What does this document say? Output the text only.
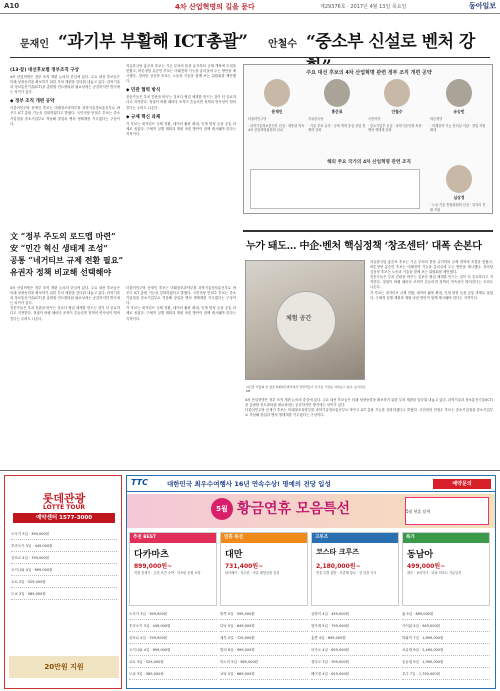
A10	4차 산업혁명의 길을 묻다	제29376호 · 2017년 4월 13일 목요일	동아일보
문재인 “과기부 부활해 ICT총괄” 안철수 “중소부 신설로 벤처 강
(13·끝) 대선후보별 정부조직 구상

4차 산업혁명은 정부 조직 개편 논의의 중심에 있다. 주요 대선 후보들은 미래 성장동력을 확보하기 위한 부처 재편을 앞다퉈 내놓고 있다. 과학기술과 정보통신기술(ICT)을 총괄할 컨트롤타워 필요성에는 공감하지만 방식에는 차이가 있다.

◆ 정부 조직 개편 공약

더불어민주당 문재인 후보는 미래창조과학부를 과학기술정보통신부로 바꾸고 ICT 총괄 기능을 강화하겠다고 밝혔다. 국민의당 안철수 후보는 중소기업청을 중소기업부로 격상해 창업과 벤처 생태계를 키우겠다는 구상이다.

자유한국당 홍준표 후보는 기존 부처의 틀을 유지하되 규제 개혁에 초점을 맞췄고, 바른정당 유승민 후보는 미래전략 기능을 총리실에 두는 방안을 제시했다. 정의당 심상정 후보는 노동과 기술을 함께 보는 위원회를 제안했다.

◆ 민관 협력 방식

전문가들은 부처 간판을 바꾸는 것보다 협업 체계를 만드는 것이 더 중요하다고 지적한다. 정권이 바뀔 때마다 조직이 흔들리면 정책의 연속성이 떨어진다는 우려도 나온다.

◆ 규제 혁신 과제

각 후보는 네거티브 규제 전환, 데이터 활용 확대, 인재 양성 등을 공통 과제로 꼽았다. 구체적 실행 계획과 재원 마련 방안이 함께 제시돼야 한다는 지적이다.

주요 대선 후보의 4차 산업혁명 관련 정부 조직 개편 공약
문재인
더불어민주당
· 과학기술정보통신부 신설 · 대통령 직속 4차 산업혁명위원회 설치
홍준표
자유한국당
· 기존 부처 유지 · 규제 개혁 중심 산업 경쟁력 강화
안철수
국민의당
· 중소기업부 신설 · 과학기술인재 육성 · 벤처 생태계 강화
유승민
바른정당
· 미래전략 기능 총리실 이관 · 창업 지원 확대
해외 주요 국가의 4차 산업혁명 관련 조직
심상정
· 노동·기술 통합위원회 신설 · 일자리 전환 지원
文 “정부 주도의 로드맵 마련”
安 “민간 혁신 생태계 조성”
공통 “네거티브 규제 전환 필요”
유권자 정책 비교해 선택해야

4차 산업혁명은 정부 조직 개편 논의의 중심에 있다. 주요 대선 후보들은 미래 성장동력을 확보하기 위한 부처 재편을 앞다퉈 내놓고 있다. 과학기술과 정보통신기술(ICT)을 총괄할 컨트롤타워 필요성에는 공감하지만 방식에는 차이가 있다.

전문가들은 부처 간판을 바꾸는 것보다 협업 체계를 만드는 것이 더 중요하다고 지적한다. 정권이 바뀔 때마다 조직이 흔들리면 정책의 연속성이 떨어진다는 우려도 나온다.

더불어민주당 문재인 후보는 미래창조과학부를 과학기술정보통신부로 바꾸고 ICT 총괄 기능을 강화하겠다고 밝혔다. 국민의당 안철수 후보는 중소기업청을 중소기업부로 격상해 창업과 벤처 생태계를 키우겠다는 구상이다.

각 후보는 네거티브 규제 전환, 데이터 활용 확대, 인재 양성 등을 공통 과제로 꼽았다. 구체적 실행 계획과 재원 마련 방안이 함께 제시돼야 한다는 지적이다.

누가 돼도… 中企·벤처 핵심정책 ‘창조센터’ 대폭 손본다
체험 공간
지난달 서울의 한 창조경제혁신센터에서 관람객들이 신기술 시연을 지켜보고 있다. 동아일보 DB

자유한국당 홍준표 후보는 기존 부처의 틀을 유지하되 규제 개혁에 초점을 맞췄고, 바른정당 유승민 후보는 미래전략 기능을 총리실에 두는 방안을 제시했다. 정의당 심상정 후보는 노동과 기술을 함께 보는 위원회를 제안했다.

전문가들은 부처 간판을 바꾸는 것보다 협업 체계를 만드는 것이 더 중요하다고 지적한다. 정권이 바뀔 때마다 조직이 흔들리면 정책의 연속성이 떨어진다는 우려도 나온다.

각 후보는 네거티브 규제 전환, 데이터 활용 확대, 인재 양성 등을 공통 과제로 꼽았다. 구체적 실행 계획과 재원 마련 방안이 함께 제시돼야 한다는 지적이다.

4차 산업혁명은 정부 조직 개편 논의의 중심에 있다. 주요 대선 후보들은 미래 성장동력을 확보하기 위한 부처 재편을 앞다퉈 내놓고 있다. 과학기술과 정보통신기술(ICT)을 총괄할 컨트롤타워 필요성에는 공감하지만 방식에는 차이가 있다.

더불어민주당 문재인 후보는 미래창조과학부를 과학기술정보통신부로 바꾸고 ICT 총괄 기능을 강화하겠다고 밝혔다. 국민의당 안철수 후보는 중소기업청을 중소기업부로 격상해 창업과 벤처 생태계를 키우겠다는 구상이다.

롯데관광
LOTTE TOUR
예약센터 1577-3000
오사카 3일 · 399,000원
후쿠오카 3일 · 449,000원
삿포로 4일 · 799,000원
오키나와 4일 · 699,000원
교토 3일 · 529,000원
도쿄 3일 · 589,000원
20만원 지원
TTC	대한민국 최우수여행사 16년 연속수상! 명예의 전당 입성	예약문의
5월 황금연휴 모음특선	5월 연휴 달력
추천 BEST
다카마츠
899,000원~
직항 전세기 · 온천 료칸 숙박 · 리쓰린 공원 포함
연휴 특선
대만
731,400원~
타이베이 · 지우펀 · 야류 해양공원 일정
크루즈
코스타 크루즈
2,180,000원~
연휴 특별 출발 · 지중해 항로 · 전 일정 식사
특가
동남아
499,000원~
세부 · 보라카이 · 다낭 리조트 자유일정
오사카 3일 · 399,000원
후쿠오카 3일 · 449,000원
삿포로 4일 · 799,000원
오키나와 4일 · 699,000원
교토 3일 · 529,000원
도쿄 3일 · 589,000원
방콕 5일 · 599,000원
다낭 5일 · 649,000원
세부 5일 · 729,000원
발리 6일 · 999,000원
하노이 5일 · 569,000원
코타 5일 · 689,000원
상하이 4일 · 459,000원
장가계 5일 · 799,000원
홍콩 4일 · 699,000원
마카오 4일 · 659,000원
칭다오 3일 · 399,000원
베이징 4일 · 619,000원
괌 5일 · 899,000원
사이판 5일 · 949,000원
하와이 7일 · 1,899,000원
서유럽 9일 · 2,490,000원
동유럽 9일 · 1,990,000원
호주 7일 · 1,790,000원
